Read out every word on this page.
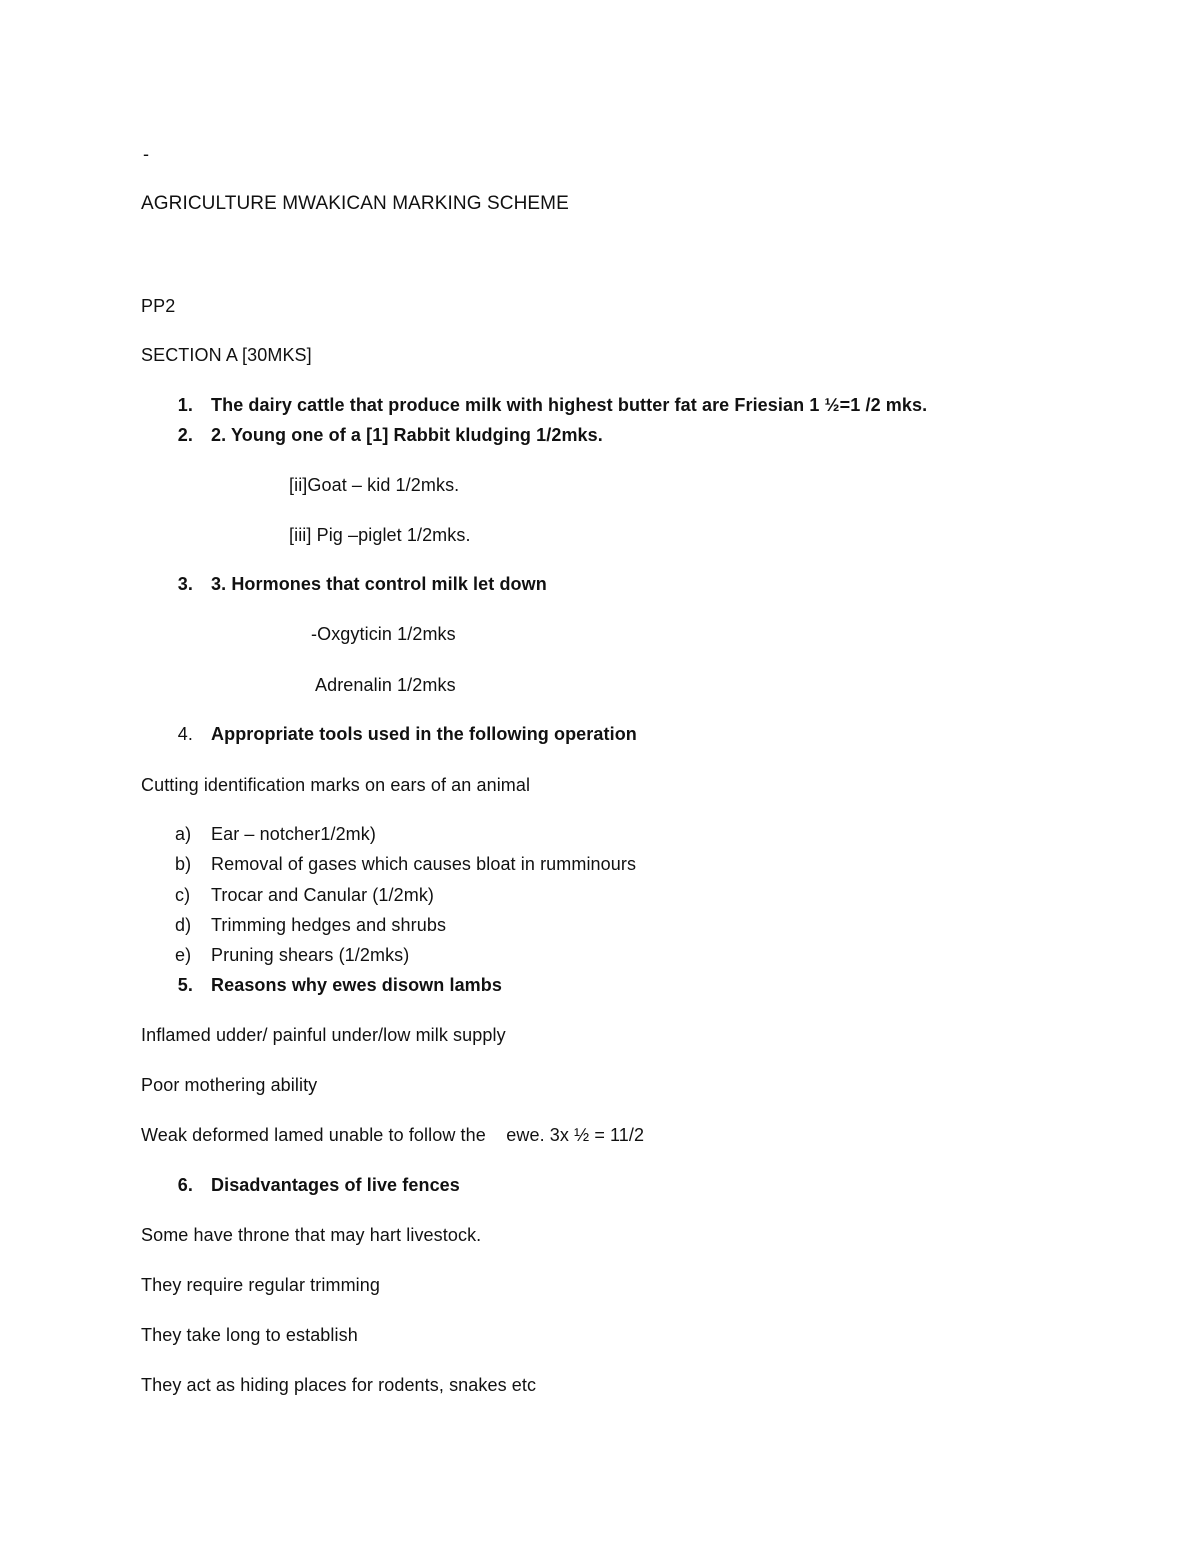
-
AGRICULTURE MWAKICAN MARKING SCHEME
PP2
SECTION A [30MKS]
1. The dairy cattle that produce milk with highest butter fat are Friesian 1 ½=1 /2 mks.
2. 2. Young one of a [1] Rabbit kludging 1/2mks.
[ii]Goat – kid 1/2mks.
[iii] Pig –piglet 1/2mks.
3. 3. Hormones that control milk let down
-Oxgyticin 1/2mks
Adrenalin 1/2mks
4. Appropriate tools used in the following operation
Cutting identification marks on ears of an animal
a) Ear – notcher1/2mk)
b) Removal of gases which causes bloat in rumminours
c) Trocar and Canular (1/2mk)
d) Trimming hedges and shrubs
e) Pruning shears (1/2mks)
5. Reasons why ewes disown lambs
Inflamed udder/ painful under/low milk supply
Poor mothering ability
Weak deformed lamed unable to follow the    ewe. 3x ½ = 11/2
6. Disadvantages of live fences
Some have throne that may hart livestock.
They require regular trimming
They take long to establish
They act as hiding places for rodents, snakes etc
